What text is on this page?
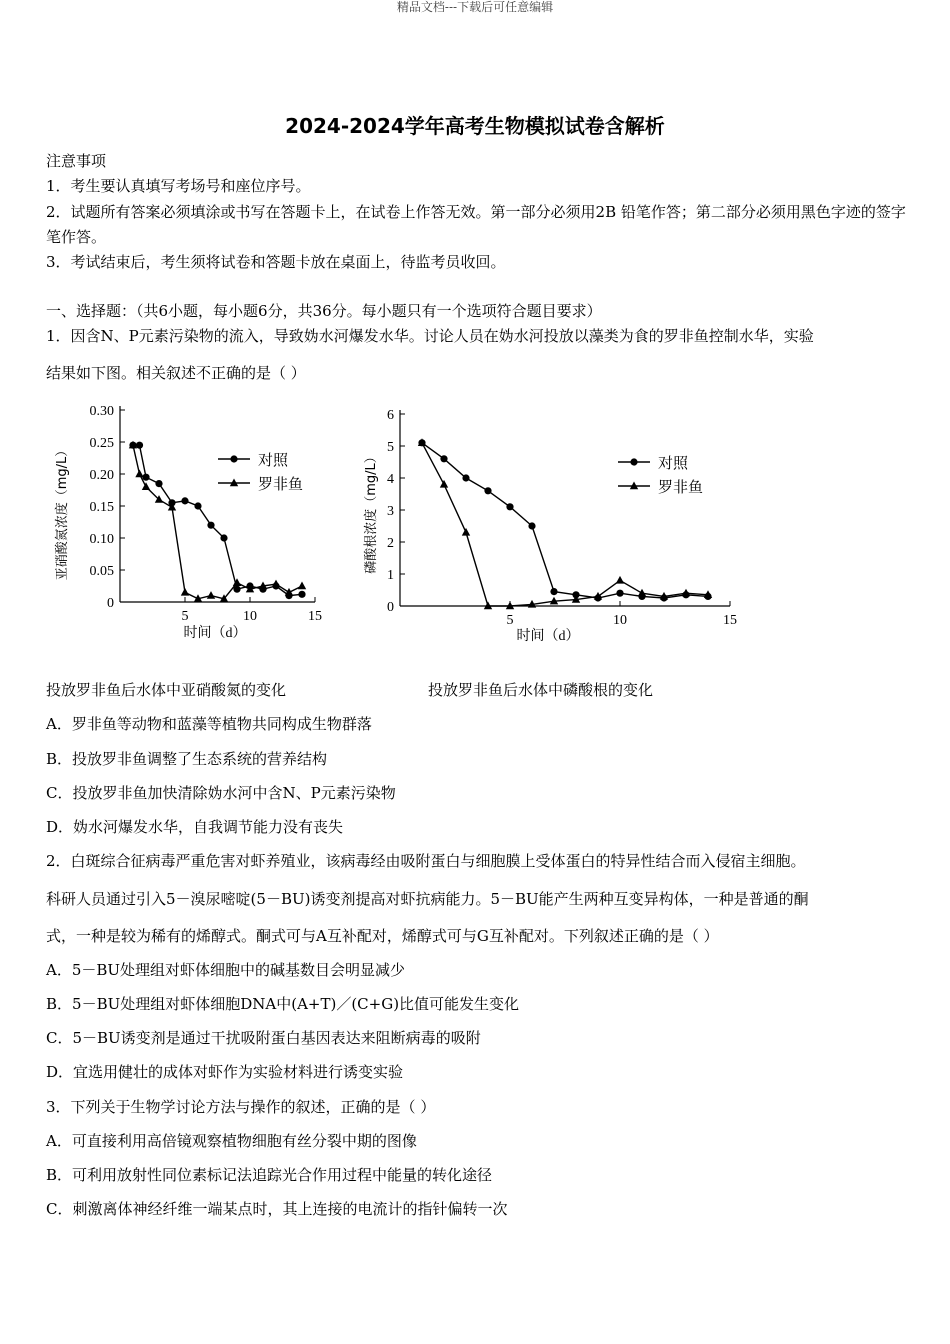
精品文档---下载后可任意编辑
2024-2024学年高考生物模拟试卷含解析
注意事项
1．考生要认真填写考场号和座位序号。
2．试题所有答案必须填涂或书写在答题卡上，在试卷上作答无效。第一部分必须用2B 铅笔作答；第二部分必须用黑色字迹的签字笔作答。
3．考试结束后，考生须将试卷和答题卡放在桌面上，待监考员收回。
一、选择题：（共6小题，每小题6分，共36分。每小题只有一个选项符合题目要求）
1．因含N、P元素污染物的流入，导致妫水河爆发水华。讨论人员在妫水河投放以藻类为食的罗非鱼控制水华，实验
结果如下图。相关叙述不正确的是（ ）
亚硝酸氮浓度（mg/L）
时间（d）
0
0.05
0.10
0.15
0.20
0.25
0.30
5	10	15
对照
罗非鱼	磷酸根浓度（mg/L）
时间（d）
0
1
2
3
4
5
6
5	10	15
对照
罗非鱼
投放罗非鱼后水体中亚硝酸氮的变化	投放罗非鱼后水体中磷酸根的变化
A．罗非鱼等动物和蓝藻等植物共同构成生物群落
B．投放罗非鱼调整了生态系统的营养结构
C．投放罗非鱼加快清除妫水河中含N、P元素污染物
D．妫水河爆发水华，自我调节能力没有丧失
2．白斑综合征病毒严重危害对虾养殖业，该病毒经由吸附蛋白与细胞膜上受体蛋白的特异性结合而入侵宿主细胞。
科研人员通过引入5－溴尿嘧啶(5－BU)诱变剂提高对虾抗病能力。5－BU能产生两种互变异构体，一种是普通的酮
式，一种是较为稀有的烯醇式。酮式可与A互补配对，烯醇式可与G互补配对。下列叙述正确的是（ ）
A．5－BU处理组对虾体细胞中的碱基数目会明显减少
B．5－BU处理组对虾体细胞DNA中(A+T)／(C+G)比值可能发生变化
C．5－BU诱变剂是通过干扰吸附蛋白基因表达来阻断病毒的吸附
D．宜选用健壮的成体对虾作为实验材料进行诱变实验
3．下列关于生物学讨论方法与操作的叙述，正确的是（ ）
A．可直接利用高倍镜观察植物细胞有丝分裂中期的图像
B．可利用放射性同位素标记法追踪光合作用过程中能量的转化途径
C．刺激离体神经纤维一端某点时，其上连接的电流计的指针偏转一次
